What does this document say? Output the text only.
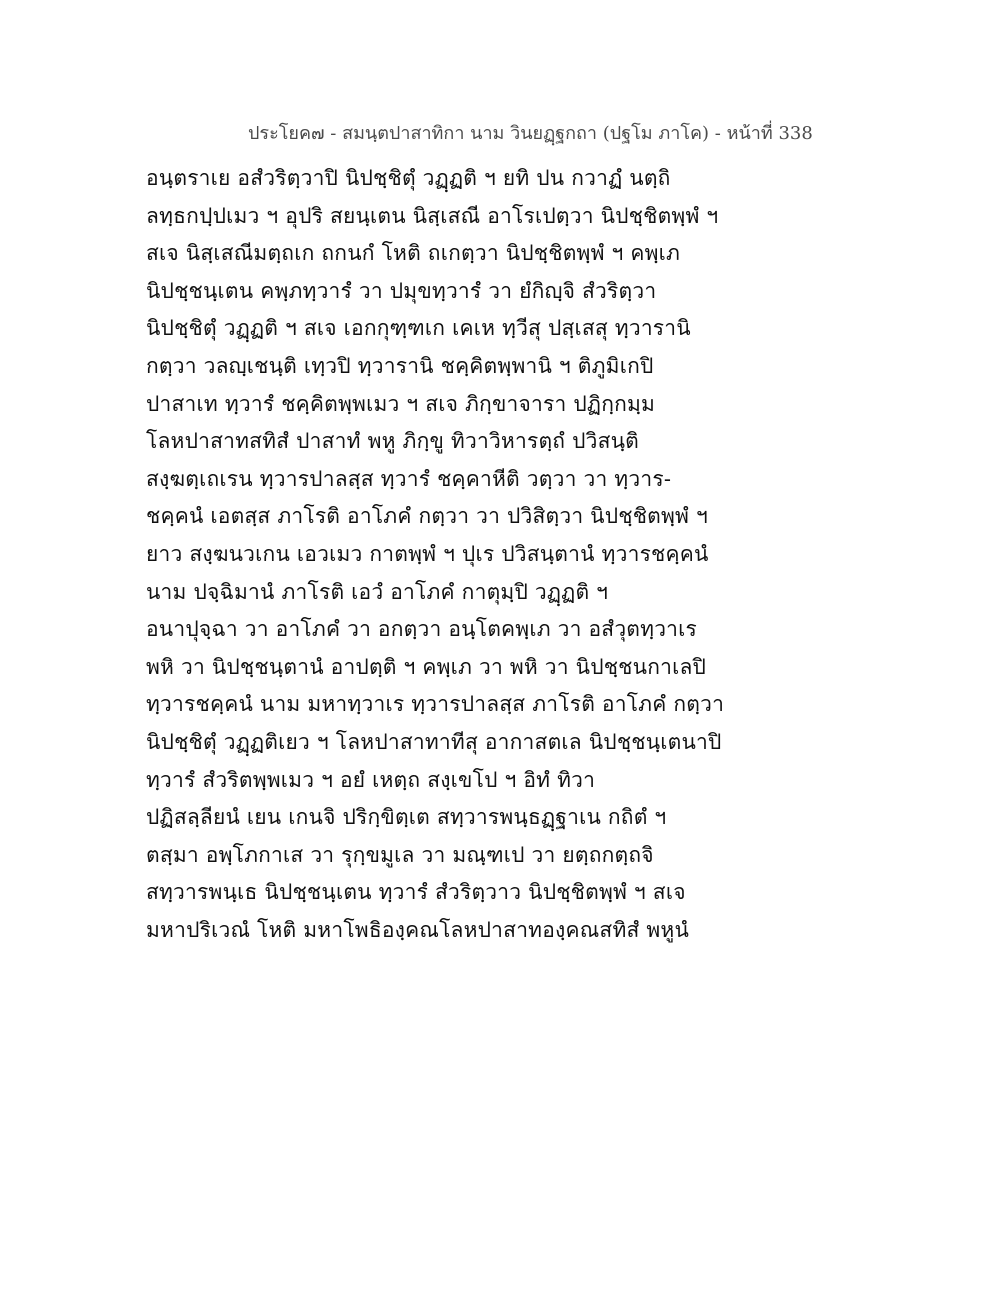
ประโยค๗ - สมนฺตปาสาทิกา นาม วินยฏฺฐกถา (ปฐโม ภาโค) - หน้าที่ 338
อนฺตราเย อสํวริตฺวาปิ นิปชฺชิตุํ วฏฺฏติ ฯ ยทิ ปน กวาฏํ นตฺถิ
ลทฺธกปฺปเมว ฯ อุปริ สยนฺเตน นิสฺเสณี อาโรเปตฺวา นิปชฺชิตพฺพํ ฯ
สเจ นิสฺเสณีมตฺถเก ถกนกํ โหติ ถเกตฺวา นิปชฺชิตพฺพํ ฯ คพฺเภ
นิปชฺชนฺเตน คพฺภทฺวารํ วา ปมุขทฺวารํ วา ยํกิญฺจิ สํวริตฺวา
นิปชฺชิตุํ วฏฺฏติ ฯ สเจ เอกกุฑฺฑเก เคเห ทฺวีสุ ปสฺเสสุ ทฺวารานิ
กตฺวา วลญฺเชนฺติ เทฺวปิ ทฺวารานิ ชคฺคิตพฺพานิ ฯ ติภูมิเกปิ
ปาสาเท ทฺวารํ ชคฺคิตพฺพเมว ฯ สเจ ภิกฺขาจารา ปฏิกฺกมฺม
โลหปาสาทสทิสํ ปาสาทํ พหู ภิกฺขู ทิวาวิหารตฺถํ ปวิสนฺติ
สงฺฆตฺเถเรน ทฺวารปาลสฺส ทฺวารํ ชคฺคาหีติ วตฺวา วา ทฺวาร-
ชคฺคนํ เอตสฺส ภาโรติ อาโภคํ กตฺวา วา ปวิสิตฺวา นิปชฺชิตพฺพํ ฯ
ยาว สงฺฆนวเกน เอวเมว กาตพฺพํ ฯ ปุเร ปวิสนฺตานํ ทฺวารชคฺคนํ
นาม ปจฺฉิมานํ ภาโรติ เอวํ อาโภคํ กาตุมฺปิ วฏฺฏติ ฯ
อนาปุจฺฉา วา อาโภคํ วา อกตฺวา อนฺโตคพฺเภ วา อสํวุตทฺวาเร
พหิ วา นิปชฺชนฺตานํ อาปตฺติ ฯ คพฺเภ วา พหิ วา นิปชฺชนกาเลปิ
ทฺวารชคฺคนํ นาม มหาทฺวาเร ทฺวารปาลสฺส ภาโรติ อาโภคํ กตฺวา
นิปชฺชิตุํ วฏฺฏติเยว ฯ โลหปาสาทาทีสุ อากาสตเล นิปชฺชนฺเตนาปิ
ทฺวารํ สํวริตพฺพเมว ฯ อยํ เหตฺถ สงฺเขโป ฯ อิทํ ทิวา
ปฏิสลฺลียนํ เยน เกนจิ ปริกฺขิตฺเต สทฺวารพนฺธฏฺฐาเน กถิตํ ฯ
ตสฺมา อพฺโภกาเส วา รุกฺขมูเล วา มณฺฑเป วา ยตฺถกตฺถจิ
สทฺวารพนฺเธ นิปชฺชนฺเตน ทฺวารํ สํวริตฺวาว นิปชฺชิตพฺพํ ฯ สเจ
มหาปริเวณํ โหติ มหาโพธิองฺคณโลหปาสาทองฺคณสทิสํ พหูนํ
